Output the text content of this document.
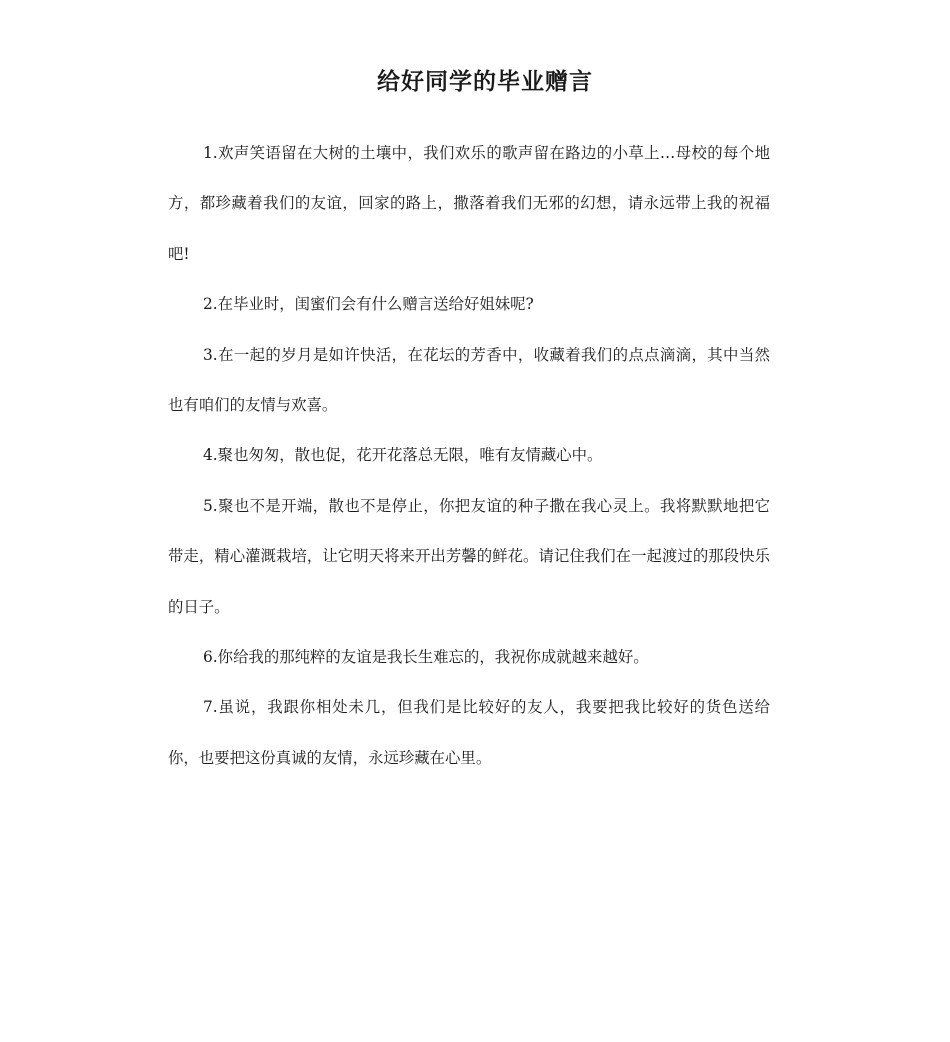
给好同学的毕业赠言

1.欢声笑语留在大树的土壤中，我们欢乐的歌声留在路边的小草上…母校的每个地方，都珍藏着我们的友谊，回家的路上，撒落着我们无邪的幻想，请永远带上我的祝福吧!

2.在毕业时，闺蜜们会有什么赠言送给好姐妹呢?

3.在一起的岁月是如许快活，在花坛的芳香中，收藏着我们的点点滴滴，其中当然也有咱们的友情与欢喜。

4.聚也匆匆，散也促，花开花落总无限，唯有友情藏心中。

5.聚也不是开端，散也不是停止，你把友谊的种子撒在我心灵上。我将默默地把它带走，精心灌溉栽培，让它明天将来开出芳馨的鲜花。请记住我们在一起渡过的那段快乐的日子。

6.你给我的那纯粹的友谊是我长生难忘的，我祝你成就越来越好。

7.虽说，我跟你相处未几，但我们是比较好的友人，我要把我比较好的货色送给你，也要把这份真诚的友情，永远珍藏在心里。
